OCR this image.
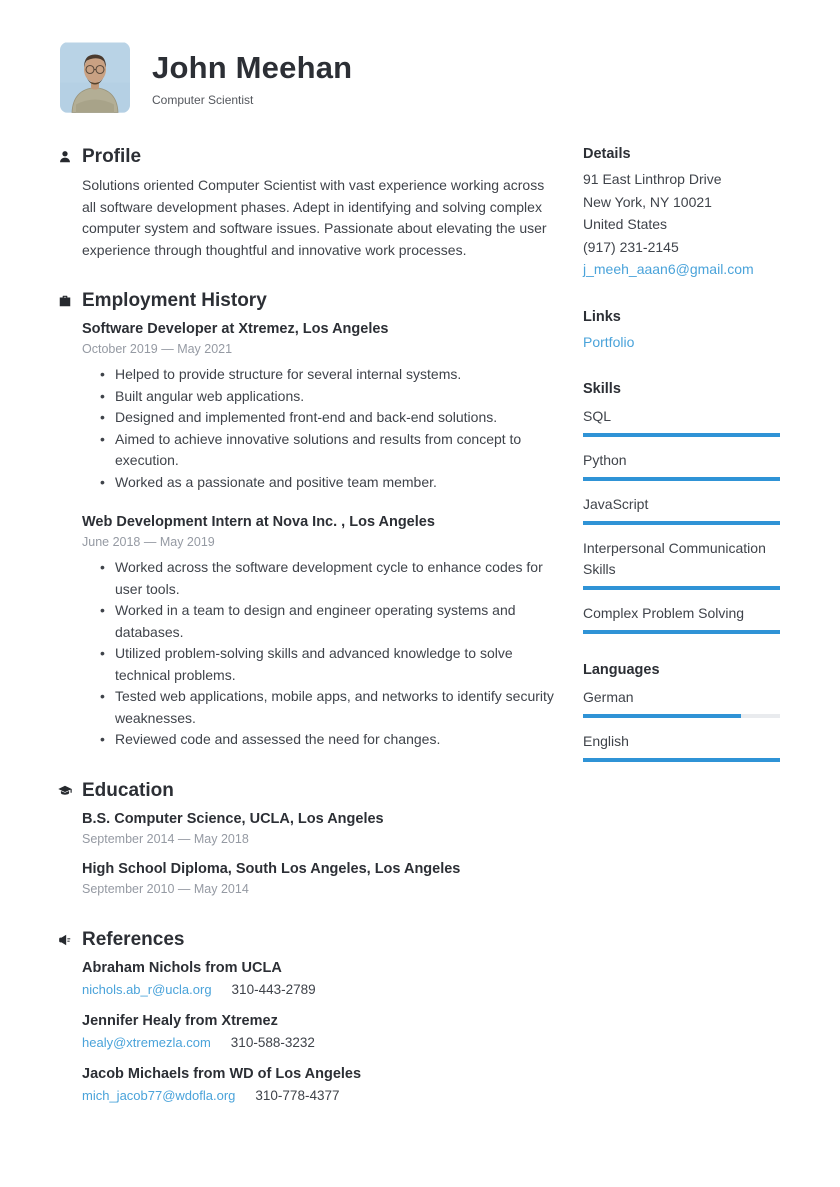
John Meehan
Computer Scientist
Profile

Solutions oriented Computer Scientist with vast experience working across all software development phases. Adept in identifying and solving complex computer system and software issues. Passionate about elevating the user experience through thoughtful and innovative work processes.

Employment History
Software Developer at Xtremez, Los Angeles
October 2019 — May 2021
• Helped to provide structure for several internal systems.
• Built angular web applications.
• Designed and implemented front-end and back-end solutions.
• Aimed to achieve innovative solutions and results from concept to execution.
• Worked as a passionate and positive team member.
Web Development Intern at Nova Inc. , Los Angeles
June 2018 — May 2019
• Worked across the software development cycle to enhance codes for user tools.
• Worked in a team to design and engineer operating systems and databases.
• Utilized problem-solving skills and advanced knowledge to solve technical problems.
• Tested web applications, mobile apps, and networks to identify security weaknesses.
• Reviewed code and assessed the need for changes.
Education
B.S. Computer Science, UCLA, Los Angeles
September 2014 — May 2018
High School Diploma, South Los Angeles, Los Angeles
September 2010 — May 2014
References
Abraham Nichols from UCLA
nichols.ab_r@ucla.org 310-443-2789
Jennifer Healy from Xtremez
healy@xtremezla.com 310-588-3232
Jacob Michaels from WD of Los Angeles
mich_jacob77@wdofla.org 310-778-4377
Details
91 East Linthrop Drive
New York, NY 10021
United States
(917) 231-2145
j_meeh_aaan6@gmail.com
Links
Portfolio
Skills
SQL
Python
JavaScript
Interpersonal Communication Skills
Complex Problem Solving
Languages
German
English
